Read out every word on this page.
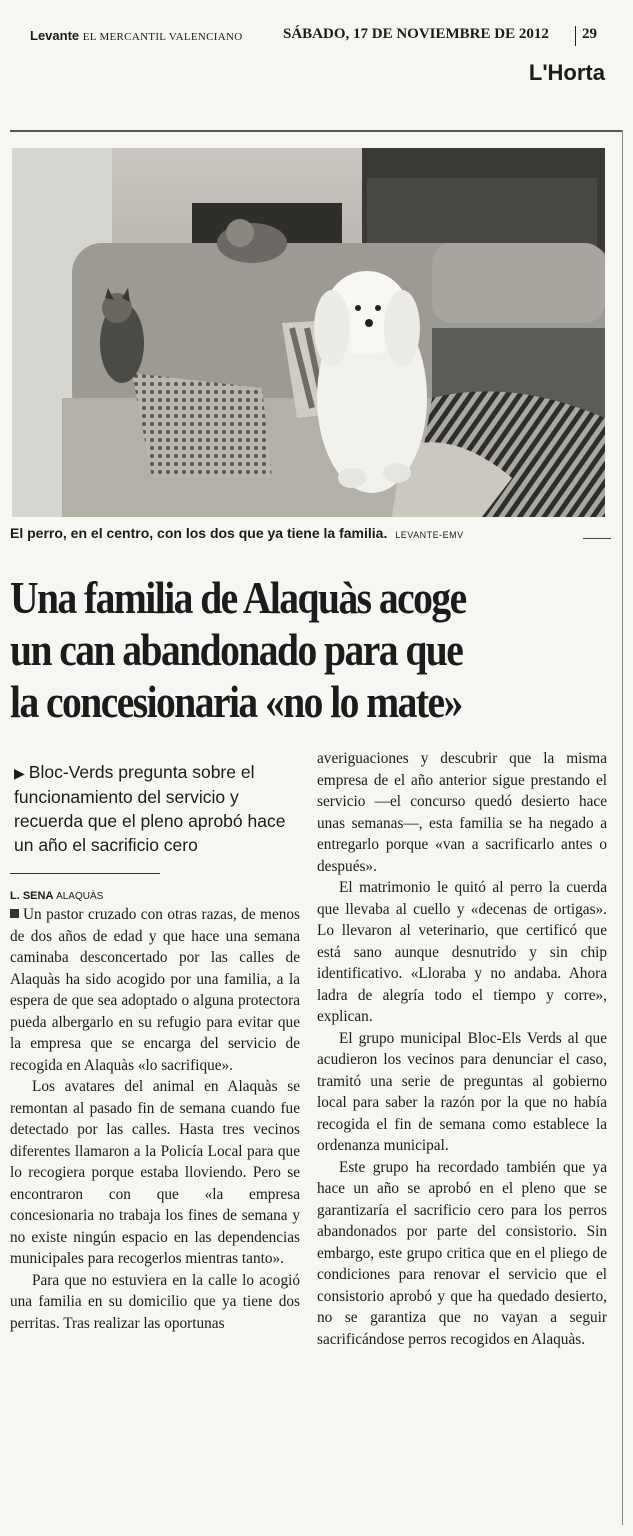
Levante EL MERCANTIL VALENCIANO	SÁBADO, 17 DE NOVIEMBRE DE 2012 29
L'Horta
El perro, en el centro, con los dos que ya tiene la familia. LEVANTE-EMV
Una familia de Alaquàs acoge
un can abandonado para que
la concesionaria «no lo mate»
▶ Bloc-Verds pregunta sobre el funcionamiento del servicio y recuerda que el pleno aprobó hace un año el sacrificio cero
L. SENA ALAQUÀS

Un pastor cruzado con otras razas, de menos de dos años de edad y que hace una semana caminaba desconcertado por las calles de Alaquàs ha sido acogido por una familia, a la espera de que sea adoptado o alguna protectora pueda albergarlo en su refugio para evitar que la empresa que se encarga del servicio de recogida en Alaquàs «lo sacrifique».

Los avatares del animal en Alaquàs se remontan al pasado fin de semana cuando fue detectado por las calles. Hasta tres vecinos diferentes llamaron a la Policía Local para que lo recogiera porque estaba lloviendo. Pero se encontraron con que «la empresa concesionaria no trabaja los fines de semana y no existe ningún espacio en las dependencias municipales para recogerlos mientras tanto».

Para que no estuviera en la calle lo acogió una familia en su domicilio que ya tiene dos perritas. Tras realizar las oportunas

averiguaciones y descubrir que la misma empresa de el año anterior sigue prestando el servicio —el concurso quedó desierto hace unas semanas—, esta familia se ha negado a entregarlo porque «van a sacrificarlo antes o después».

El matrimonio le quitó al perro la cuerda que llevaba al cuello y «decenas de ortigas». Lo llevaron al veterinario, que certificó que está sano aunque desnutrido y sin chip identificativo. «Lloraba y no andaba. Ahora ladra de alegría todo el tiempo y corre», explican.

El grupo municipal Bloc-Els Verds al que acudieron los vecinos para denunciar el caso, tramitó una serie de preguntas al gobierno local para saber la razón por la que no había recogida el fin de semana como establece la ordenanza municipal.

Este grupo ha recordado también que ya hace un año se aprobó en el pleno que se garantizaría el sacrificio cero para los perros abandonados por parte del consistorio. Sin embargo, este grupo critica que en el pliego de condiciones para renovar el servicio que el consistorio aprobó y que ha quedado desierto, no se garantiza que no vayan a seguir sacrificándose perros recogidos en Alaquàs.
